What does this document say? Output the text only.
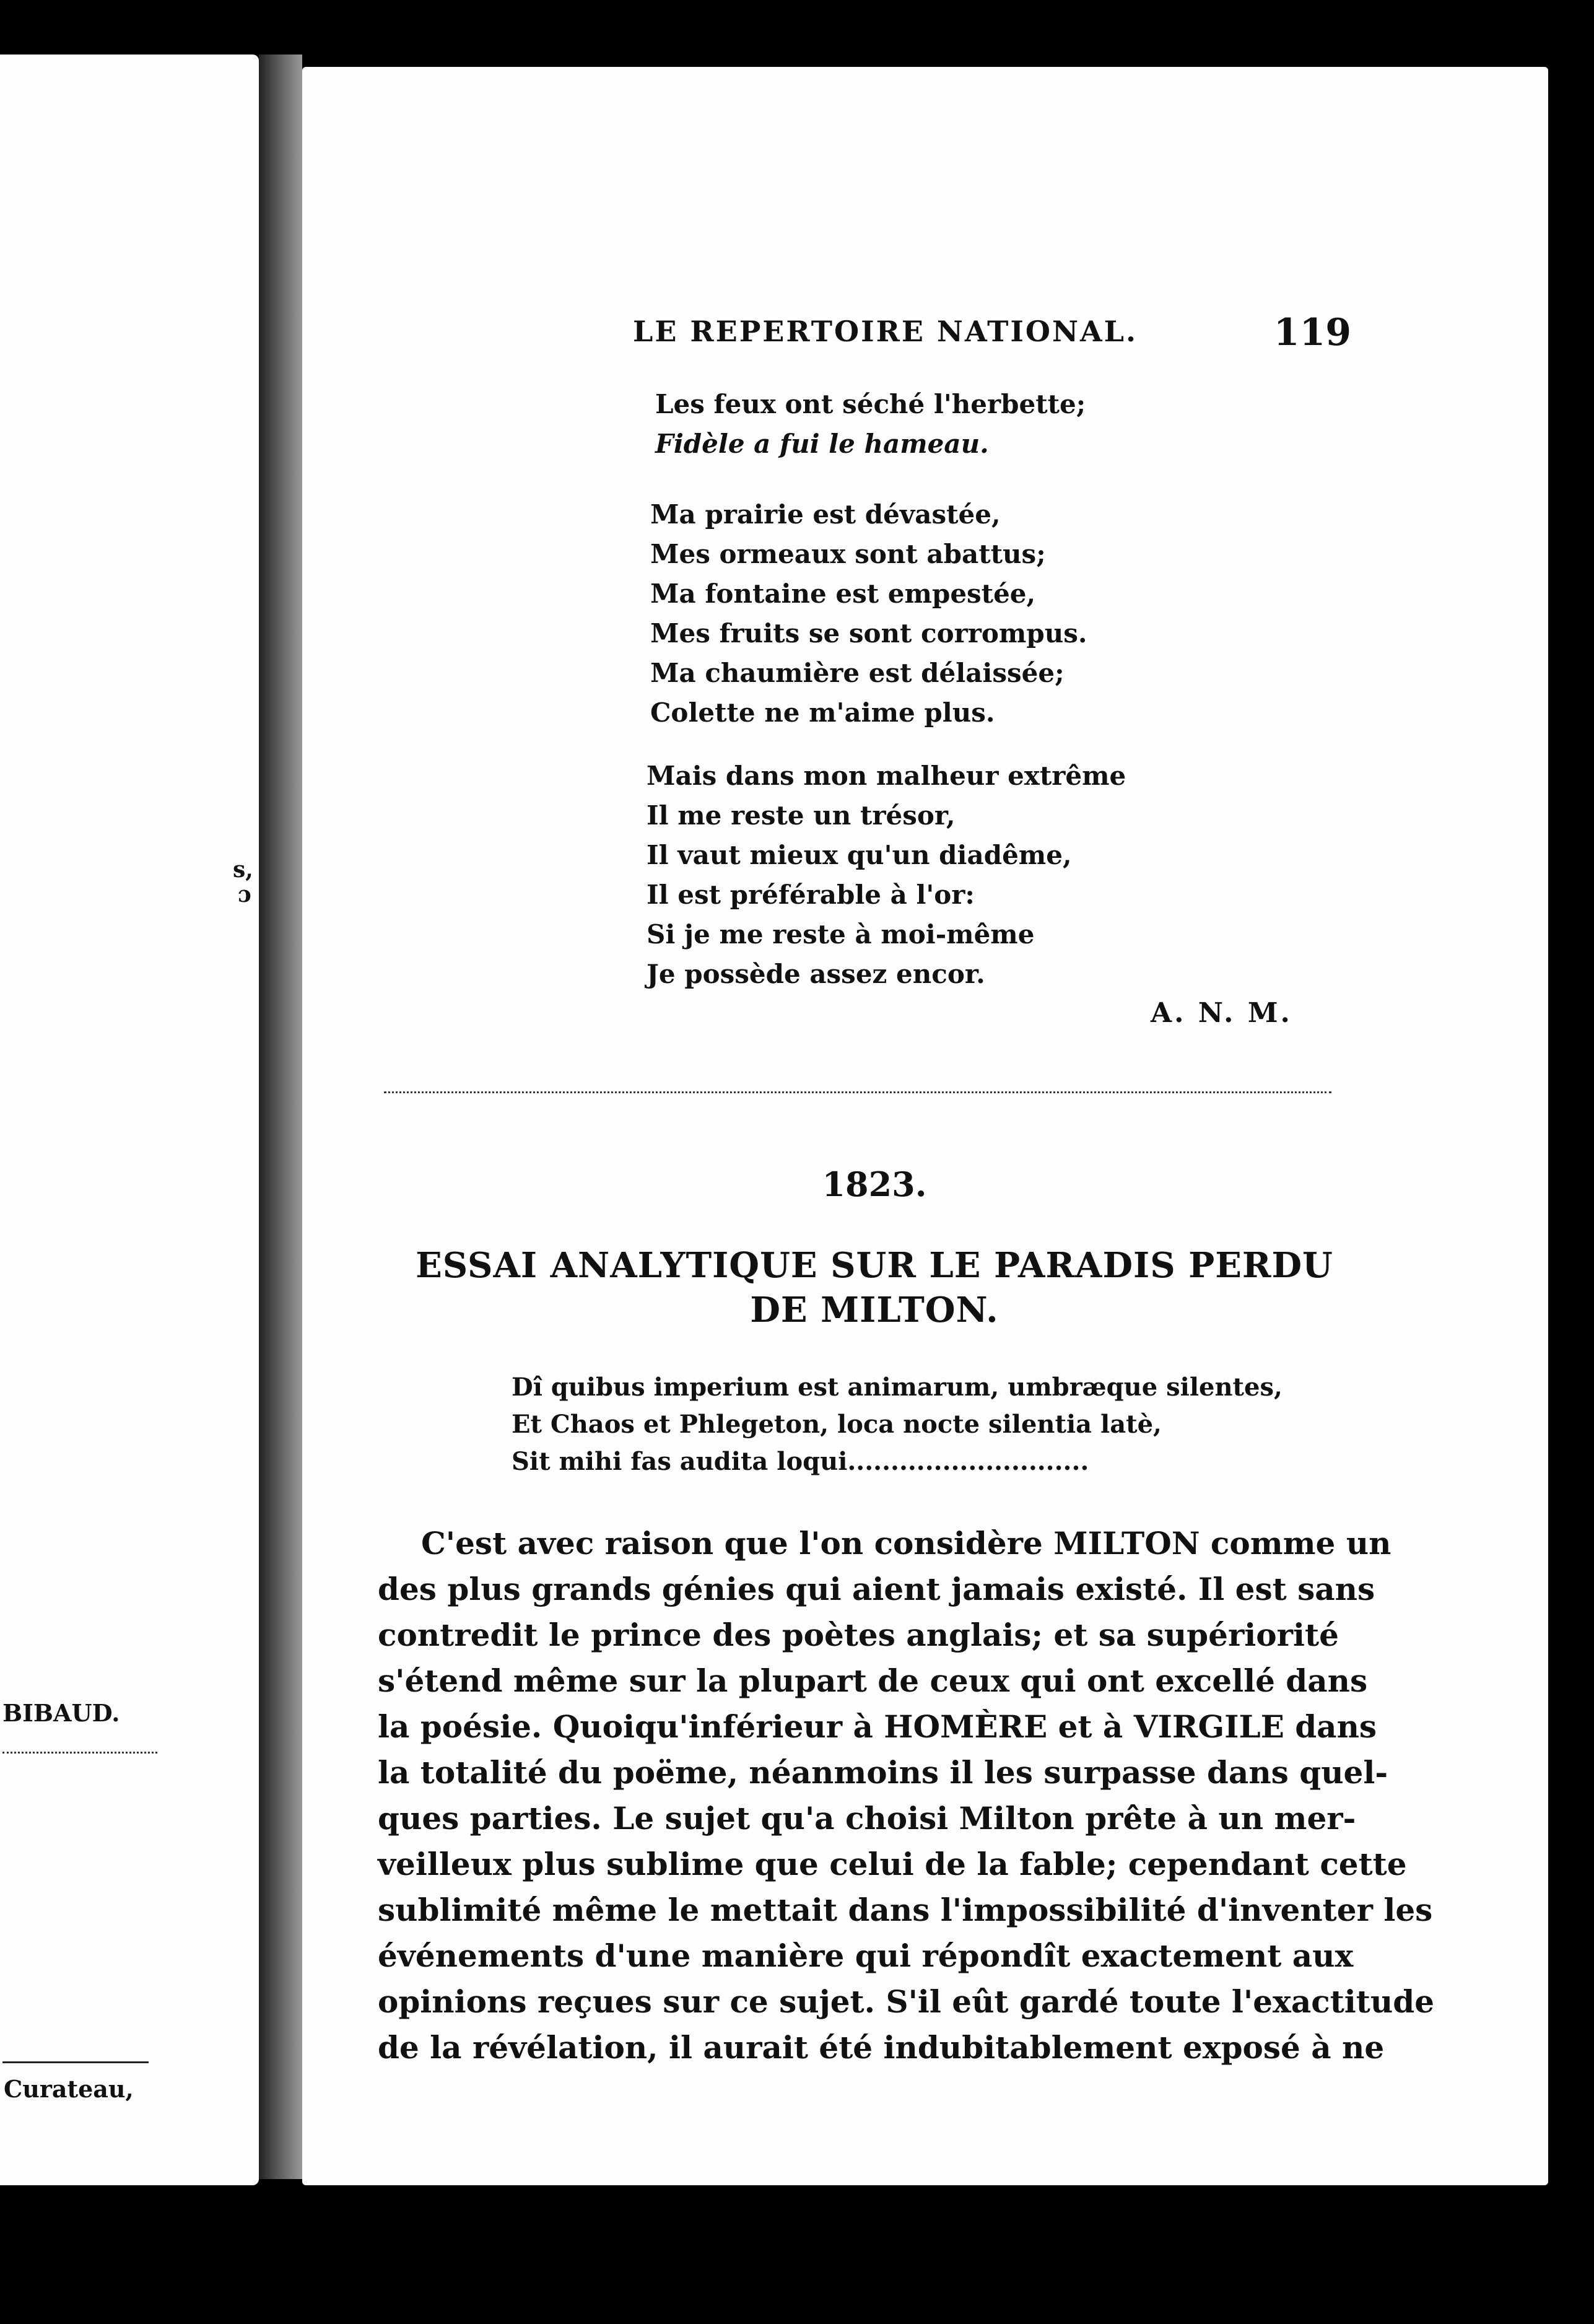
s,
ɔ
BIBAUD.
Curateau,
LE REPERTOIRE NATIONAL.	119
Les feux ont séché l'herbette;
Fidèle a fui le hameau.
Ma prairie est dévastée,
Mes ormeaux sont abattus;
Ma fontaine est empestée,
Mes fruits se sont corrompus.
Ma chaumière est délaissée;
Colette ne m'aime plus.
Mais dans mon malheur extrême
Il me reste un trésor,
Il vaut mieux qu'un diadême,
Il est préférable à l'or:
Si je me reste à moi-même
Je possède assez encor.
A. N. M.
1823.
ESSAI ANALYTIQUE SUR LE PARADIS PERDU
DE MILTON.
Dî quibus imperium est animarum, umbræque silentes,
Et Chaos et Phlegeton, loca nocte silentia latè,
Sit mihi fas audita loqui............................
C'est avec raison que l'on considère MILTON comme un
des plus grands génies qui aient jamais existé. Il est sans
contredit le prince des poètes anglais; et sa supériorité
s'étend même sur la plupart de ceux qui ont excellé dans
la poésie. Quoiqu'inférieur à HOMÈRE et à VIRGILE dans
la totalité du poëme, néanmoins il les surpasse dans quel-
ques parties. Le sujet qu'a choisi Milton prête à un mer-
veilleux plus sublime que celui de la fable; cependant cette
sublimité même le mettait dans l'impossibilité d'inventer les
événements d'une manière qui répondît exactement aux
opinions reçues sur ce sujet. S'il eût gardé toute l'exactitude
de la révélation, il aurait été indubitablement exposé à ne
